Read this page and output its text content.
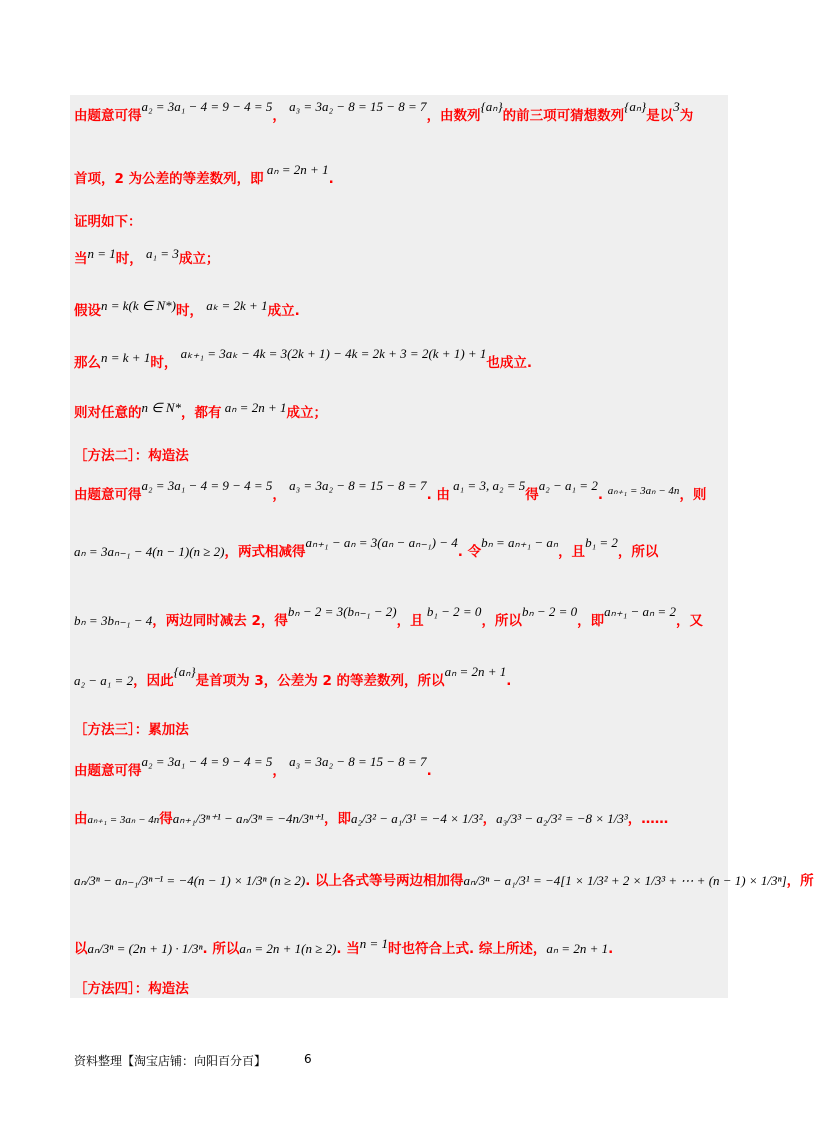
由题意可得$^{a_2 = 3a_1 - 4 = 9 - 4 = 5}$， $^{a_3 = 3a_2 - 8 = 15 - 8 = 7}$，由数列$^{\{a_n\}}$的前三项可猜想数列$^{\{a_n\}}$是以$^3$为
首项，2 为公差的等差数列，即 $^{a_n = 2n + 1}$.
证明如下：
当$^{n = 1}$时， $^{a_1 = 3}$成立；
假设$^{n = k(k \in N*)}$时， $^{a_k = 2k + 1}$成立.
那么$^{n = k + 1}$时， $^{a_{k+1} = 3a_k - 4k = 3(2k + 1) - 4k = 2k + 3 = 2(k + 1) + 1}$也成立.
则对任意的$^{n \in N*}$，都有 $^{a_n = 2n + 1}$成立；
［方法二］：构造法
由题意可得$^{a_2 = 3a_1 - 4 = 9 - 4 = 5}$， $^{a_3 = 3a_2 - 8 = 15 - 8 = 7}$. 由 $^{a_1 = 3, a_2 = 5}$得$^{a_2 - a_1 = 2}$. $^{a_{n+1} = 3a_n - 4n}$，则
aₙ = 3aₙ₋₁ − 4(n − 1)(n ≥ 2)，两式相减得$^{a_{n+1} - a_n = 3(a_n - a_{n-1}) - 4}$. 令$^{b_n = a_{n+1} - a_n}$，且$^{b_1 = 2}$，所以
bₙ = 3bₙ₋₁ − 4，两边同时减去 2，得$^{b_n - 2 = 3(b_{n-1} - 2)}$，且 $^{b_1 - 2 = 0}$，所以$^{b_n - 2 = 0}$，即$^{a_{n+1} - a_n = 2}$，又
a₂ − a₁ = 2，因此$^{\{a_n\}}$是首项为 3，公差为 2 的等差数列，所以$^{a_n = 2n + 1}$.
［方法三］：累加法
由题意可得$^{a_2 = 3a_1 - 4 = 9 - 4 = 5}$， $^{a_3 = 3a_2 - 8 = 15 - 8 = 7}$.
由aₙ₊₁ = 3aₙ − 4n得aₙ₊₁/3ⁿ⁺¹ − aₙ/3ⁿ = −4n/3ⁿ⁺¹，即a₂/3² − a₁/3¹ = −4 × 1/3²，a₃/3³ − a₂/3² = −8 × 1/3³，……
aₙ/3ⁿ − aₙ₋₁/3ⁿ⁻¹ = −4(n − 1) × 1/3ⁿ (n ≥ 2). 以上各式等号两边相加得aₙ/3ⁿ − a₁/3¹ = −4[1 × 1/3² + 2 × 1/3³ + ⋯ + (n − 1) × 1/3ⁿ]，所
以aₙ/3ⁿ = (2n + 1) · 1/3ⁿ. 所以aₙ = 2n + 1(n ≥ 2). 当$^{n = 1}$时也符合上式. 综上所述，aₙ = 2n + 1.
［方法四］：构造法
资料整理【淘宝店铺：向阳百分百】	6
